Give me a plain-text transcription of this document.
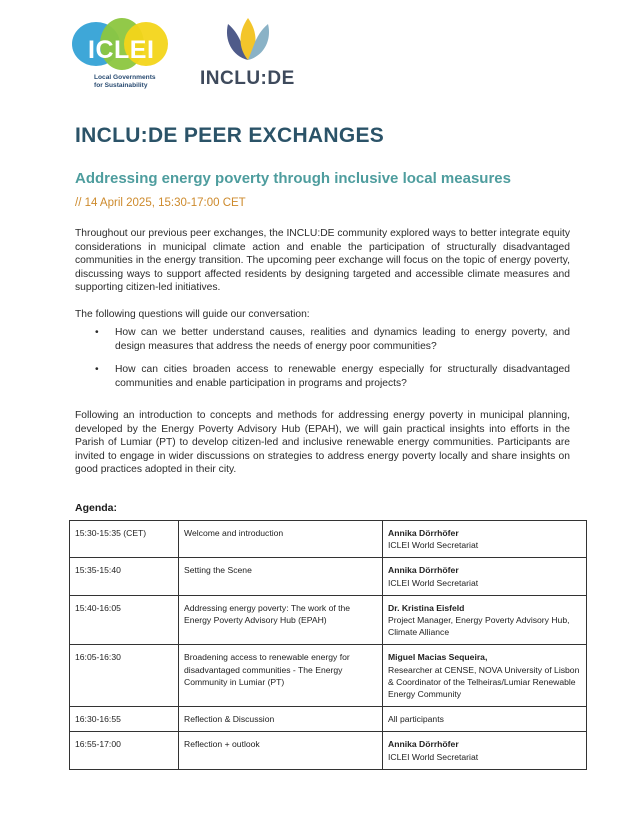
ICLEI
Local Governments
for Sustainability	INCLU:DE
INCLU:DE PEER EXCHANGES
Addressing energy poverty through inclusive local measures
// 14 April 2025, 15:30-17:00 CET

Throughout our previous peer exchanges, the INCLU:DE community explored ways to better integrate equity considerations in municipal climate action and enable the participation of structurally disadvantaged communities in the energy transition. The upcoming peer exchange will focus on the topic of energy poverty, discussing ways to support affected residents by designing targeted and accessible climate measures and supporting citizen-led initiatives.

The following questions will guide our conversation:

• How can we better understand causes, realities and dynamics leading to energy poverty, and design measures that address the needs of energy poor communities?
• How can cities broaden access to renewable energy especially for structurally disadvantaged communities and enable participation in programs and projects?

Following an introduction to concepts and methods for addressing energy poverty in municipal planning, developed by the Energy Poverty Advisory Hub (EPAH), we will gain practical insights into efforts in the Parish of Lumiar (PT) to develop citizen-led and inclusive renewable energy communities. Participants are invited to engage in wider discussions on strategies to address energy poverty locally and share insights on good practices adopted in their city.

Agenda:
15:30-15:35 (CET)	Welcome and introduction	Annika Dörrhöfer
ICLEI World Secretariat

15:35-15:40	Setting the Scene	Annika Dörrhöfer
ICLEI World Secretariat

15:40-16:05	Addressing energy poverty: The work of the Energy Poverty Advisory Hub (EPAH)	Dr. Kristina Eisfeld
Project Manager, Energy Poverty Advisory Hub, Climate Alliance

16:05-16:30	Broadening access to renewable energy for disadvantaged communities - The Energy Community in Lumiar (PT)	Miguel Macias Sequeira,
Researcher at CENSE, NOVA University of Lisbon & Coordinator of the Telheiras/Lumiar Renewable Energy Community

16:30-16:55	Reflection & Discussion	All participants

16:55-17:00	Reflection + outlook	Annika Dörrhöfer
ICLEI World Secretariat
